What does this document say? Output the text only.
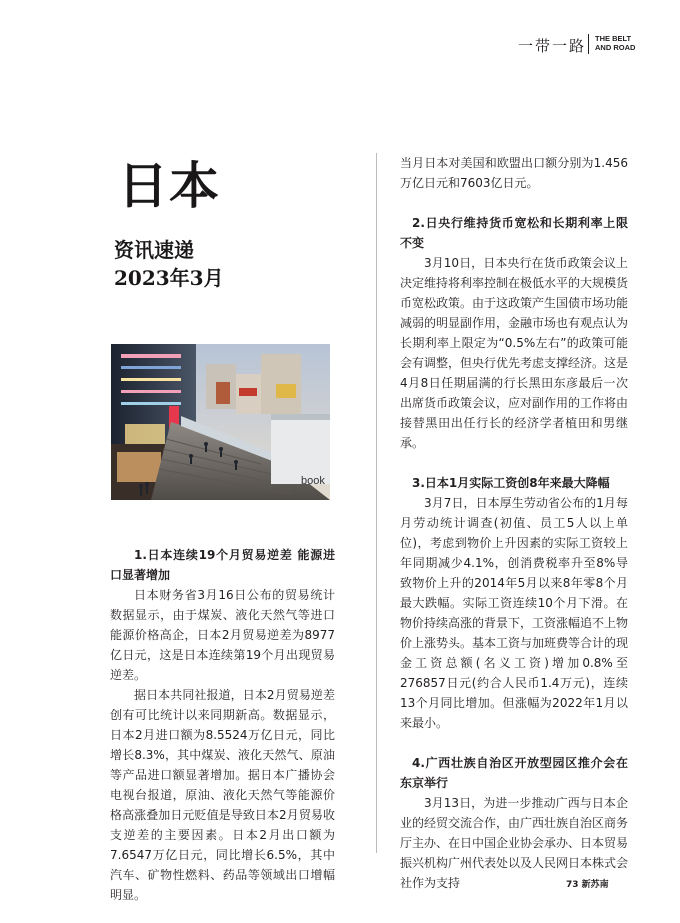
一带一路 THE BELT
AND ROAD
日本
资讯速递
2023年3月
book

1.日本连续19个月贸易逆差 能源进口显著增加

日本财务省3月16日公布的贸易统计数据显示，由于煤炭、液化天然气等进口能源价格高企，日本2月贸易逆差为8977亿日元，这是日本连续第19个月出现贸易逆差。

据日本共同社报道，日本2月贸易逆差创有可比统计以来同期新高。数据显示，日本2月进口额为8.5524万亿日元，同比增长8.3%，其中煤炭、液化天然气、原油等产品进口额显著增加。据日本广播协会电视台报道，原油、液化天然气等能源价格高涨叠加日元贬值是导致日本2月贸易收支逆差的主要因素。日本2月出口额为7.6547万亿日元，同比增长6.5%，其中汽车、矿物性燃料、药品等领域出口增幅明显。

当月日本对美国和欧盟出口额分别为1.456万亿日元和7603亿日元。

2.日央行维持货币宽松和长期利率上限不变

3月10日，日本央行在货币政策会议上决定维持将利率控制在极低水平的大规模货币宽松政策。由于这政策产生国债市场功能减弱的明显副作用，金融市场也有观点认为长期利率上限定为“0.5%左右”的政策可能会有调整，但央行优先考虑支撑经济。这是4月8日任期届满的行长黑田东彦最后一次出席货币政策会议，应对副作用的工作将由接替黑田出任行长的经济学者植田和男继承。

3.日本1月实际工资创8年来最大降幅

3月7日，日本厚生劳动省公布的1月每月劳动统计调查(初值、员工5人以上单位)，考虑到物价上升因素的实际工资较上年同期减少4.1%，创消费税率升至8%导致物价上升的2014年5月以来8年零8个月最大跌幅。实际工资连续10个月下滑。在物价持续高涨的背景下，工资涨幅追不上物价上涨势头。基本工资与加班费等合计的现金工资总额(名义工资)增加0.8%至276857日元(约合人民币1.4万元)，连续13个月同比增加。但涨幅为2022年1月以来最小。

4.广西壮族自治区开放型园区推介会在东京举行

3月13日，为进一步推动广西与日本企业的经贸交流合作，由广西壮族自治区商务厅主办、在日中国企业协会承办、日本贸易振兴机构广州代表处以及人民网日本株式会社作为支持	73 新苏南
